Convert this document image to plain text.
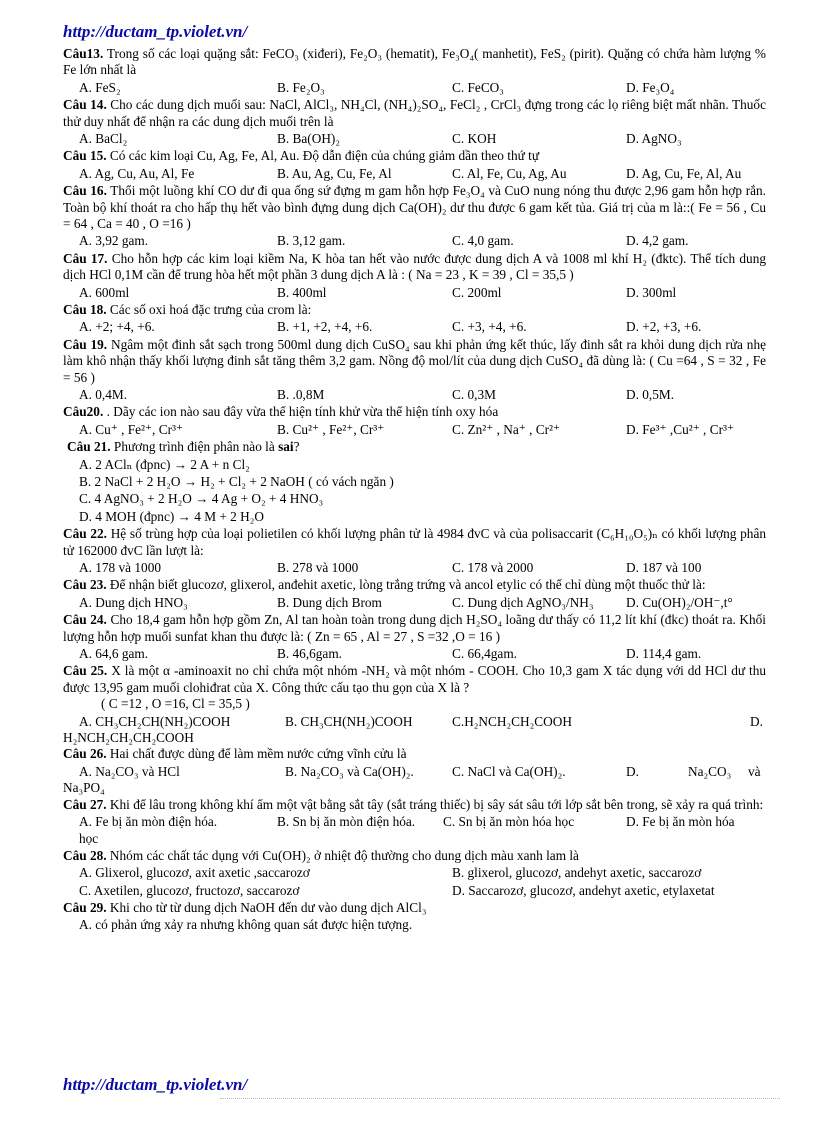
http://ductam_tp.violet.vn/

Câu13. Trong số các loại quặng sắt: FeCO₃ (xiđeri), Fe₂O₃ (hematit), Fe₃O₄( manhetit), FeS₂ (pirit). Quặng có chứa hàm lượng % Fe lớn nhất là

A. FeS₂	B. Fe₂O₃	C. FeCO₃	D. Fe₃O₄

Câu 14. Cho các dung dịch muối sau: NaCl, AlCl₃, NH₄Cl, (NH₄)₂SO₄, FeCl₂ , CrCl₃ đựng trong các lọ riêng biệt mất nhãn. Thuốc thử duy nhất để nhận ra các dung dịch muối trên là

A. BaCl₂	B. Ba(OH)₂	C. KOH	D. AgNO₃

Câu 15. Có các kim loại Cu, Ag, Fe, Al, Au. Độ dẫn điện của chúng giảm dần theo thứ tự

A. Ag, Cu, Au, Al, Fe	B. Au, Ag, Cu, Fe, Al	C. Al, Fe, Cu, Ag, Au	D. Ag, Cu, Fe, Al, Au

Câu 16. Thổi một luồng khí CO dư đi qua ống sứ đựng m gam hỗn hợp Fe₃O₄ và CuO nung nóng thu được 2,96 gam hỗn hợp rắn. Toàn bộ khí thoát ra cho hấp thụ hết vào bình đựng dung dịch Ca(OH)₂ dư thu được 6 gam kết tủa. Giá trị của m là::( Fe = 56 , Cu = 64 , Ca = 40 , O =16 )

A. 3,92 gam.	B. 3,12 gam.	C. 4,0 gam.	D. 4,2 gam.

Câu 17. Cho hỗn hợp các kim loại kiềm Na, K hòa tan hết vào nước được dung dịch A và 1008 ml khí H₂ (đktc). Thể tích dung dịch HCl 0,1M cần để trung hòa hết một phần 3 dung dịch A là : ( Na = 23 , K = 39 , Cl = 35,5 )

A. 600ml	B. 400ml	C. 200ml	D. 300ml

Câu 18. Các số oxi hoá đặc trưng của crom là:

A. +2; +4, +6.	B. +1, +2, +4, +6.	C. +3, +4, +6.	D. +2, +3, +6.

Câu 19. Ngâm một đinh sắt sạch trong 500ml dung dịch CuSO₄ sau khi phản ứng kết thúc, lấy đinh sắt ra khỏi dung dịch rửa nhẹ làm khô nhận thấy khối lượng đinh sắt tăng thêm 3,2 gam. Nồng độ mol/lít của dung dịch CuSO₄ đã dùng là: ( Cu =64 , S = 32 , Fe = 56 )

A. 0,4M.	B. .0,8M	C. 0,3M	D. 0,5M.

Câu20. . Dãy các ion nào sau đây vừa thể hiện tính khử vừa thể hiện tính oxy hóa

A. Cu⁺ , Fe²⁺, Cr³⁺	B. Cu²⁺ , Fe²⁺, Cr³⁺	C. Zn²⁺ , Na⁺ , Cr²⁺	D. Fe³⁺ ,Cu²⁺ , Cr³⁺

Câu 21. Phương trình điện phân nào là sai?

A. 2 AClₙ (đpnc) → 2 A + n Cl₂
B. 2 NaCl + 2 H₂O → H₂ + Cl₂ + 2 NaOH ( có vách ngăn )
C. 4 AgNO₃ + 2 H₂O → 4 Ag + O₂ + 4 HNO₃
D. 4 MOH (đpnc) → 4 M + 2 H₂O

Câu 22. Hệ số trùng hợp của loại polietilen có khối lượng phân tử là 4984 đvC và của polisaccarit (C₆H₁₀O₅)ₙ có khối lượng phân tử 162000 đvC lần lượt là:

A. 178 và 1000	B. 278 và 1000	C. 178 và 2000	D. 187 và 100

Câu 23. Để nhận biết glucozơ, glixerol, anđehit axetic, lòng trắng trứng và ancol etylic có thể chỉ dùng một thuốc thử là:

A. Dung dịch HNO₃	B. Dung dịch Brom	C. Dung dịch AgNO₃/NH₃ D. Cu(OH)₂/OH⁻,t°

Câu 24. Cho 18,4 gam hỗn hợp gồm Zn, Al tan hoàn toàn trong dung dịch H₂SO₄ loãng dư thấy có 11,2 lít khí (đkc) thoát ra. Khối lượng hỗn hợp muối sunfat khan thu được là: ( Zn = 65 , Al = 27 , S =32 ,O = 16 )

A. 64,6 gam.	B. 46,6gam.	C. 66,4gam.	D. 114,4 gam.

Câu 25. X là một α -aminoaxit no chỉ chứa một nhóm -NH₂ và một nhóm - COOH. Cho 10,3 gam X tác dụng với dd HCl dư thu được 13,95 gam muối clohiđrat của X. Công thức cấu tạo thu gọn của X là ?

( C =12 , O =16, Cl = 35,5 )

A. CH₃CH₂CH(NH₂)COOH	B. CH₃CH(NH₂)COOH	C.H₂NCH₂CH₂COOH	D.
H₂NCH₂CH₂CH₂COOH

Câu 26. Hai chất được dùng để làm mềm nước cứng vĩnh cửu là

A. Na₂CO₃ và HCl	B. Na₂CO₃ và Ca(OH)₂.	C. NaCl và Ca(OH)₂.	D.	Na₂CO₃ và
Na₃PO₄

Câu 27. Khi để lâu trong không khí ẩm một vật bằng sắt tây (sắt tráng thiếc) bị sây sát sâu tới lớp sắt bên trong, sẽ xảy ra quá trình:

A. Fe bị ăn mòn điện hóa.	B. Sn bị ăn mòn điện hóa. C. Sn bị ăn mòn hóa học	D. Fe bị ăn mòn hóa
học

Câu 28. Nhóm các chất tác dụng với Cu(OH)₂ ở nhiệt độ thường cho dung dịch màu xanh lam là

A. Glixerol, glucozơ, axit axetic ,saccarozơ	B. glixerol, glucozơ, andehyt axetic, saccarozơ
C. Axetilen, glucozơ, fructozơ, saccarozơ	D. Saccarozơ, glucozơ, andehyt axetic, etylaxetat

Câu 29. Khi cho từ từ dung dịch NaOH đến dư vào dung dịch AlCl₃

A. có phản ứng xảy ra nhưng không quan sát được hiện tượng.
http://ductam_tp.violet.vn/
